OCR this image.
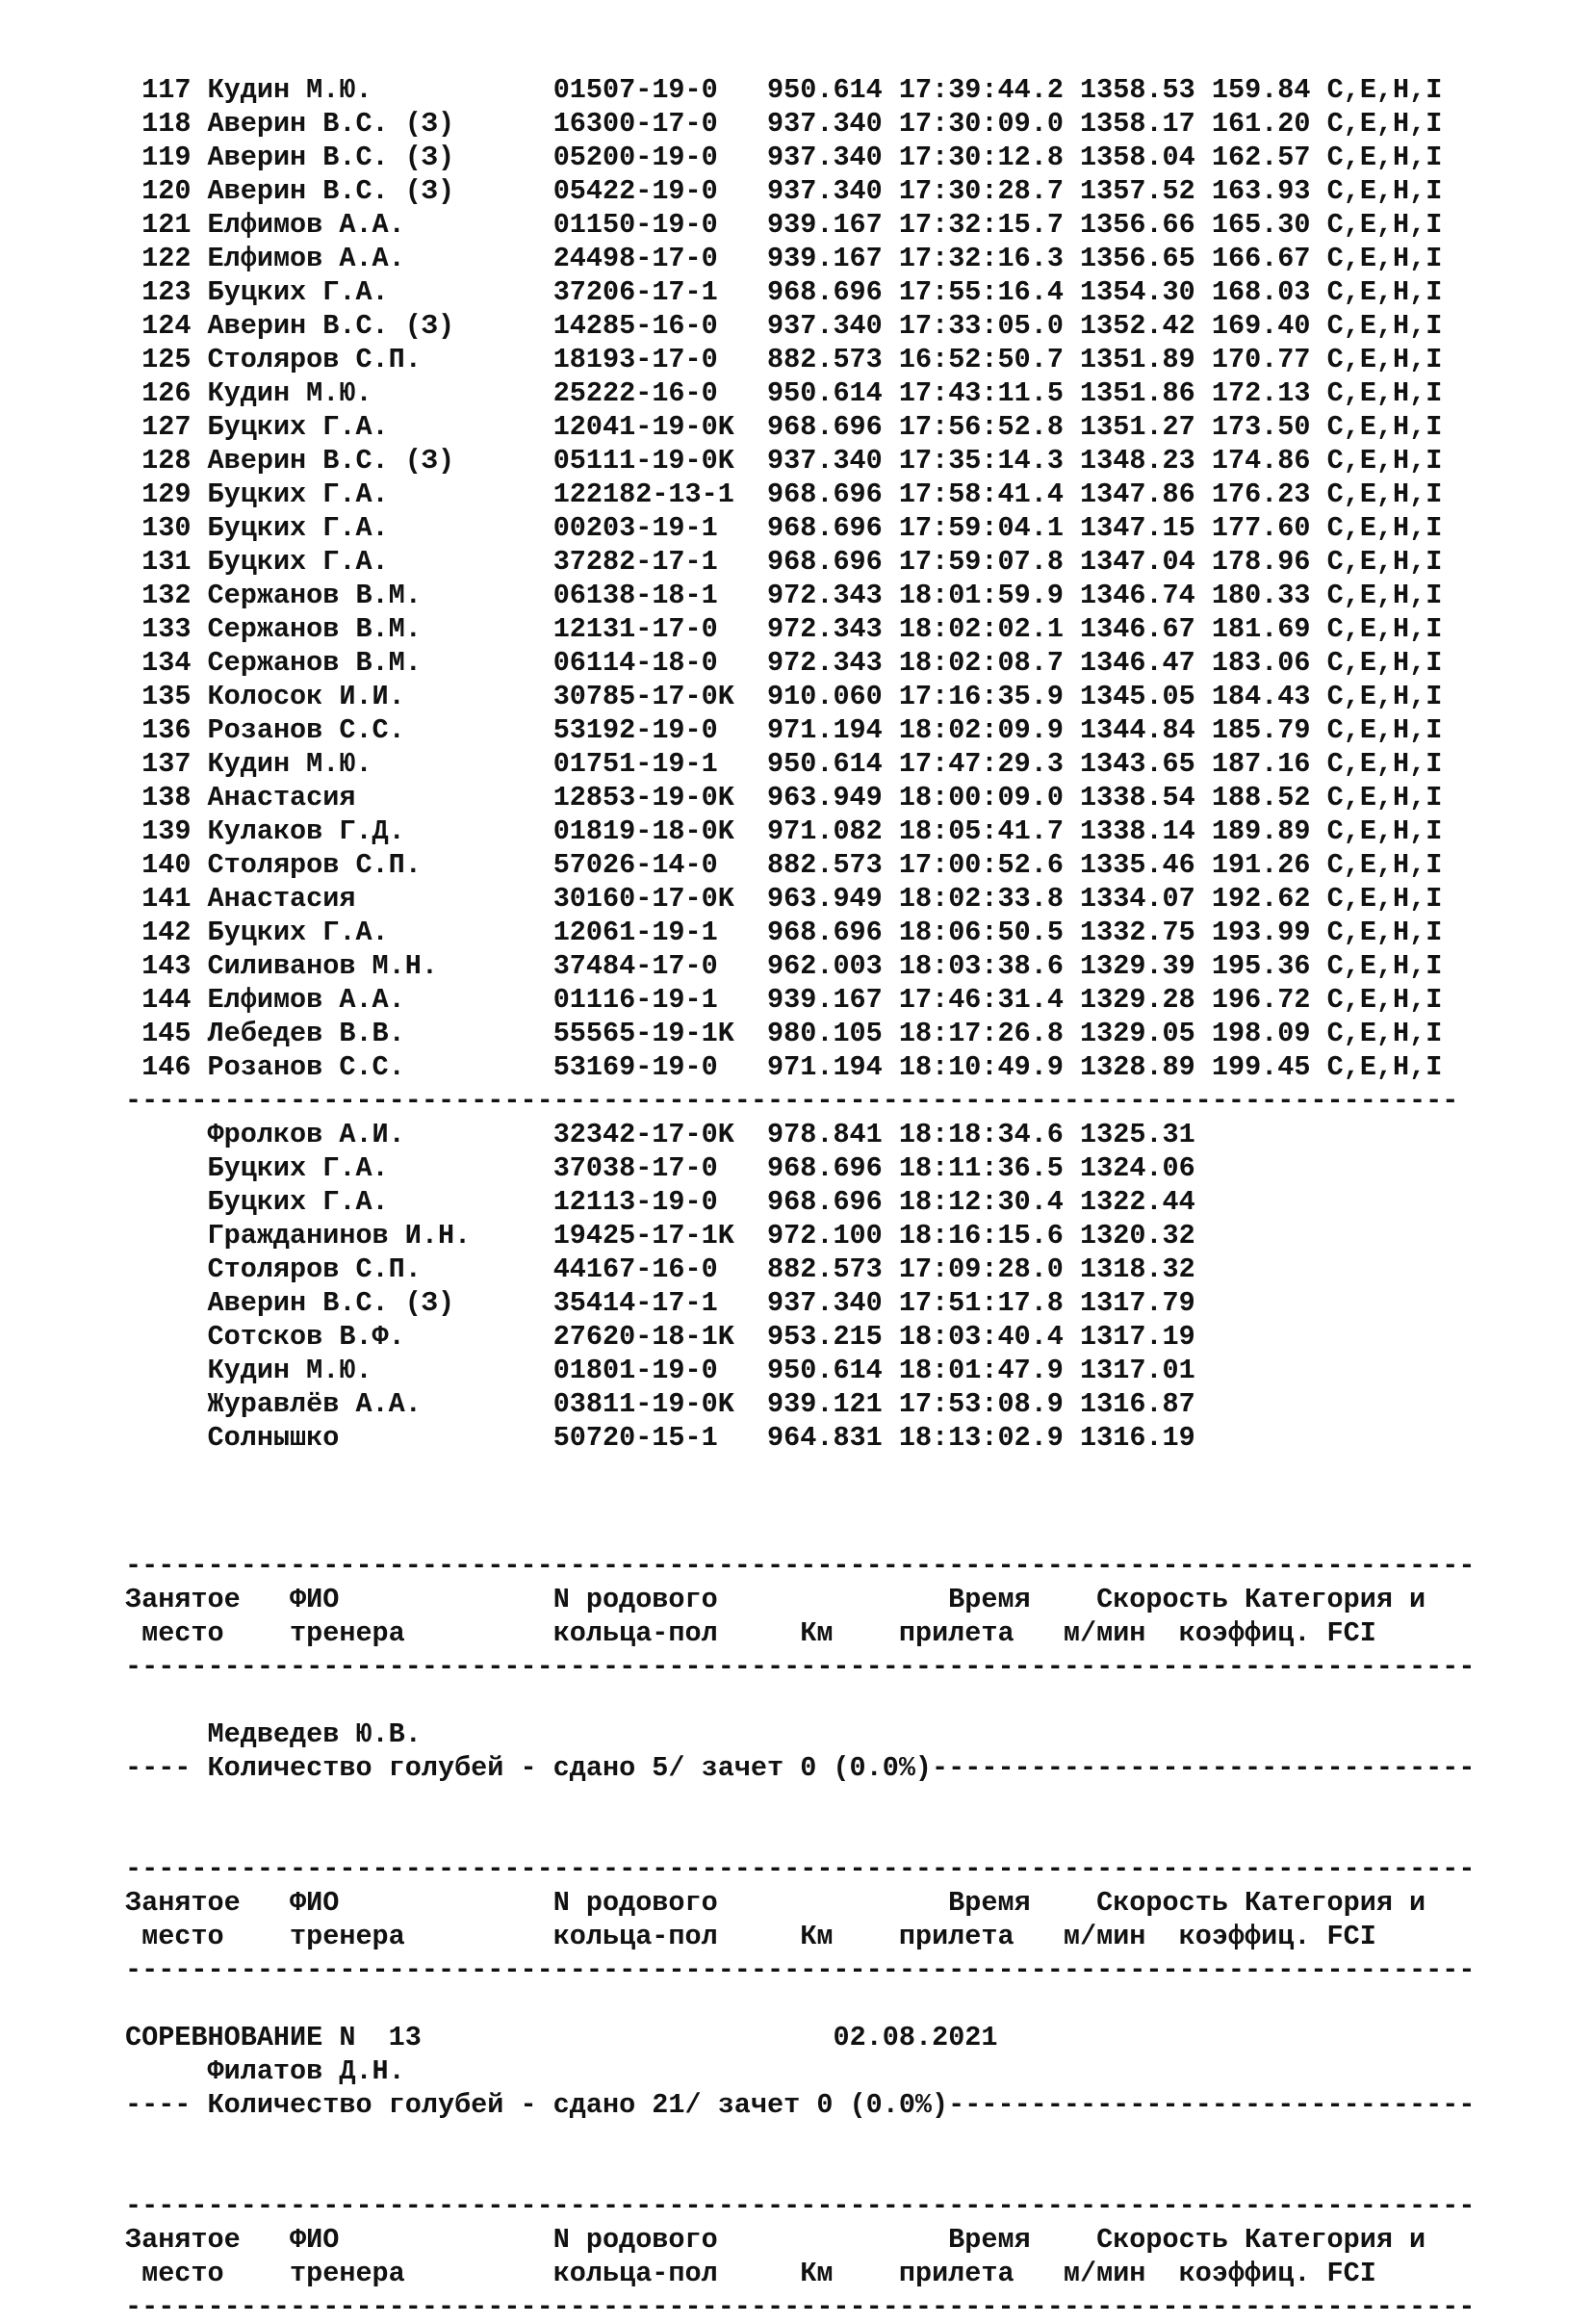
117 Кудин М.Ю.           01507-19-0   950.614 17:39:44.2 1358.53 159.84 C,E,H,I
118 Аверин В.С. (З)      16300-17-0   937.340 17:30:09.0 1358.17 161.20 C,E,H,I
119 Аверин В.С. (З)      05200-19-0   937.340 17:30:12.8 1358.04 162.57 C,E,H,I
120 Аверин В.С. (З)      05422-19-0   937.340 17:30:28.7 1357.52 163.93 C,E,H,I
121 Елфимов А.А.         01150-19-0   939.167 17:32:15.7 1356.66 165.30 C,E,H,I
122 Елфимов А.А.         24498-17-0   939.167 17:32:16.3 1356.65 166.67 C,E,H,I
123 Буцких Г.А.          37206-17-1   968.696 17:55:16.4 1354.30 168.03 C,E,H,I
124 Аверин В.С. (З)      14285-16-0   937.340 17:33:05.0 1352.42 169.40 C,E,H,I
125 Столяров С.П.        18193-17-0   882.573 16:52:50.7 1351.89 170.77 C,E,H,I
126 Кудин М.Ю.           25222-16-0   950.614 17:43:11.5 1351.86 172.13 C,E,H,I
127 Буцких Г.А.          12041-19-0K  968.696 17:56:52.8 1351.27 173.50 C,E,H,I
128 Аверин В.С. (З)      05111-19-0K  937.340 17:35:14.3 1348.23 174.86 C,E,H,I
129 Буцких Г.А.          122182-13-1  968.696 17:58:41.4 1347.86 176.23 C,E,H,I
130 Буцких Г.А.          00203-19-1   968.696 17:59:04.1 1347.15 177.60 C,E,H,I
131 Буцких Г.А.          37282-17-1   968.696 17:59:07.8 1347.04 178.96 C,E,H,I
132 Сержанов В.М.        06138-18-1   972.343 18:01:59.9 1346.74 180.33 C,E,H,I
133 Сержанов В.М.        12131-17-0   972.343 18:02:02.1 1346.67 181.69 C,E,H,I
134 Сержанов В.М.        06114-18-0   972.343 18:02:08.7 1346.47 183.06 C,E,H,I
135 Колосок И.И.         30785-17-0K  910.060 17:16:35.9 1345.05 184.43 C,E,H,I
136 Розанов С.С.         53192-19-0   971.194 18:02:09.9 1344.84 185.79 C,E,H,I
137 Кудин М.Ю.           01751-19-1   950.614 17:47:29.3 1343.65 187.16 C,E,H,I
138 Анастасия            12853-19-0K  963.949 18:00:09.0 1338.54 188.52 C,E,H,I
139 Кулаков Г.Д.         01819-18-0K  971.082 18:05:41.7 1338.14 189.89 C,E,H,I
140 Столяров С.П.        57026-14-0   882.573 17:00:52.6 1335.46 191.26 C,E,H,I
141 Анастасия            30160-17-0K  963.949 18:02:33.8 1334.07 192.62 C,E,H,I
142 Буцких Г.А.          12061-19-1   968.696 18:06:50.5 1332.75 193.99 C,E,H,I
143 Силиванов М.Н.       37484-17-0   962.003 18:03:38.6 1329.39 195.36 C,E,H,I
144 Елфимов А.А.         01116-19-1   939.167 17:46:31.4 1329.28 196.72 C,E,H,I
145 Лебедев В.В.         55565-19-1K  980.105 18:17:26.8 1329.05 198.09 C,E,H,I
146 Розанов С.С.         53169-19-0   971.194 18:10:49.9 1328.89 199.45 C,E,H,I
---------------------------------------------------------------------------------
Фролков А.И.         32342-17-0K  978.841 18:18:34.6 1325.31
Буцких Г.А.          37038-17-0   968.696 18:11:36.5 1324.06
Буцких Г.А.          12113-19-0   968.696 18:12:30.4 1322.44
Гражданинов И.Н.     19425-17-1K  972.100 18:16:15.6 1320.32
Столяров С.П.        44167-16-0   882.573 17:09:28.0 1318.32
Аверин В.С. (З)      35414-17-1   937.340 17:51:17.8 1317.79
Сотсков В.Ф.         27620-18-1K  953.215 18:03:40.4 1317.19
Кудин М.Ю.           01801-19-0   950.614 18:01:47.9 1317.01
Журавлёв А.А.        03811-19-0K  939.121 17:53:08.9 1316.87
Солнышко             50720-15-1   964.831 18:13:02.9 1316.19

----------------------------------------------------------------------------------
Занятое   ФИО             N родового              Время    Скорость Категория и
место    тренера         кольца-пол     Км    прилета   м/мин  коэффиц. FCI
----------------------------------------------------------------------------------

Медведев Ю.В.
---- Количество голубей - сдано 5/ зачет 0 (0.0%)---------------------------------

----------------------------------------------------------------------------------
Занятое   ФИО             N родового              Время    Скорость Категория и
место    тренера         кольца-пол     Км    прилета   м/мин  коэффиц. FCI
----------------------------------------------------------------------------------

СОРЕВНОВАНИЕ N 13	02.08.2021
Филатов Д.Н.
---- Количество голубей - сдано 21/ зачет 0 (0.0%)--------------------------------

----------------------------------------------------------------------------------
Занятое   ФИО             N родового              Время    Скорость Категория и
место    тренера         кольца-пол     Км    прилета   м/мин  коэффиц. FCI
----------------------------------------------------------------------------------
